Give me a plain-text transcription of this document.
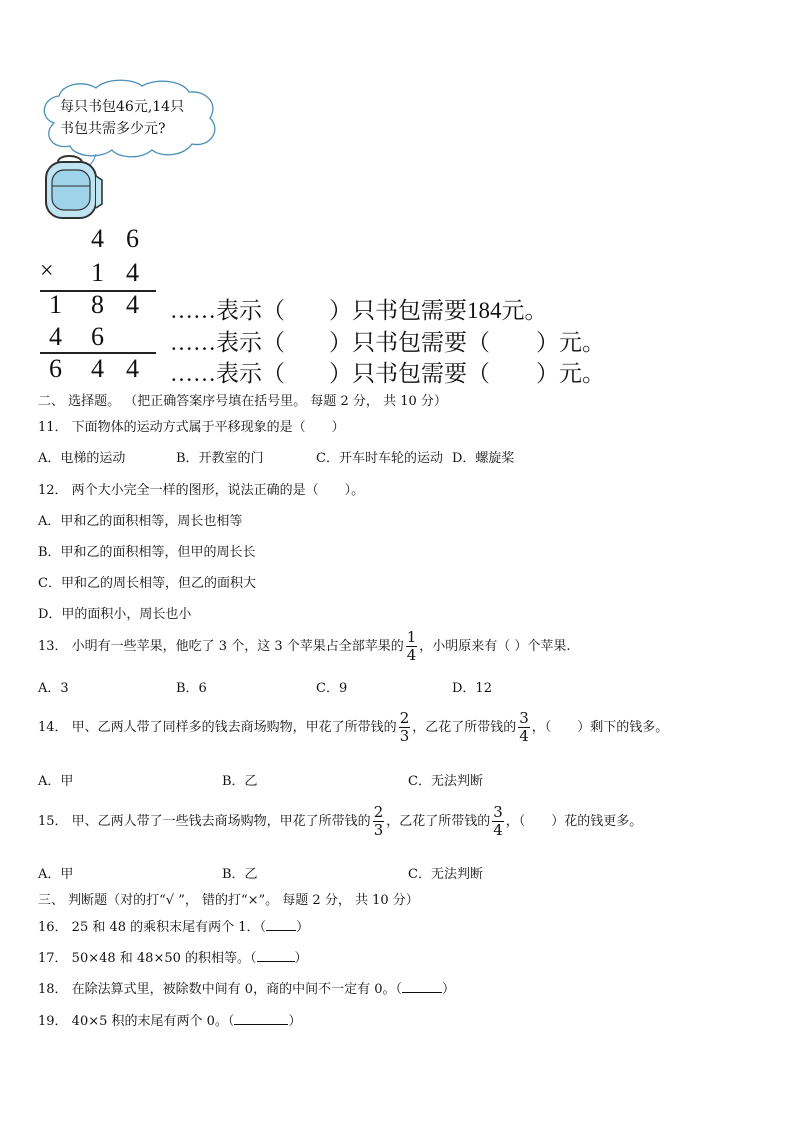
每只书包46元,14只
书包共需多少元?
4 6
× 1 4
1 8 4
4 6
6 4 4
……表示（ ）只书包需要184元。
……表示（ ）只书包需要（ ）元。
……表示（ ）只书包需要（ ）元。
二、 选择题。 （把正确答案序号填在括号里。 每题 2 分， 共 10 分）
11． 下面物体的运动方式属于平移现象的是（　　）
A．电梯的运动	B．开教室的门	C．开车时车轮的运动 D．螺旋桨
12． 两个大小完全一样的图形，说法正确的是（　　）。
A．甲和乙的面积相等，周长也相等
B．甲和乙的面积相等，但甲的周长长
C．甲和乙的周长相等，但乙的面积大
D．甲的面积小，周长也小
13． 小明有一些苹果，他吃了 3 个，这 3 个苹果占全部苹果的 $\frac{1}{4}$ ，小明原来有（ ）个苹果.
A．3	B．6	C．9	D．12
14． 甲、乙两人带了同样多的钱去商场购物，甲花了所带钱的 $\frac{2}{3}$ ，乙花了所带钱的 $\frac{3}{4}$ ，（　　）剩下的钱多。
A．甲	B．乙	C．无法判断
15． 甲、乙两人带了一些钱去商场购物，甲花了所带钱的 $\frac{2}{3}$ ，乙花了所带钱的 $\frac{3}{4}$ ，（　　）花的钱更多。
A．甲	B．乙	C．无法判断
三、 判断题（对的打“√ ”， 错的打“×”。 每题 2 分， 共 10 分）
16． 25 和 48 的乘积末尾有两个 1．（ ）
17． 50×48 和 48×50 的积相等。（	）
18． 在除法算式里，被除数中间有 0，商的中间不一定有 0。（	）
19． 40×5 积的末尾有两个 0。（	）
